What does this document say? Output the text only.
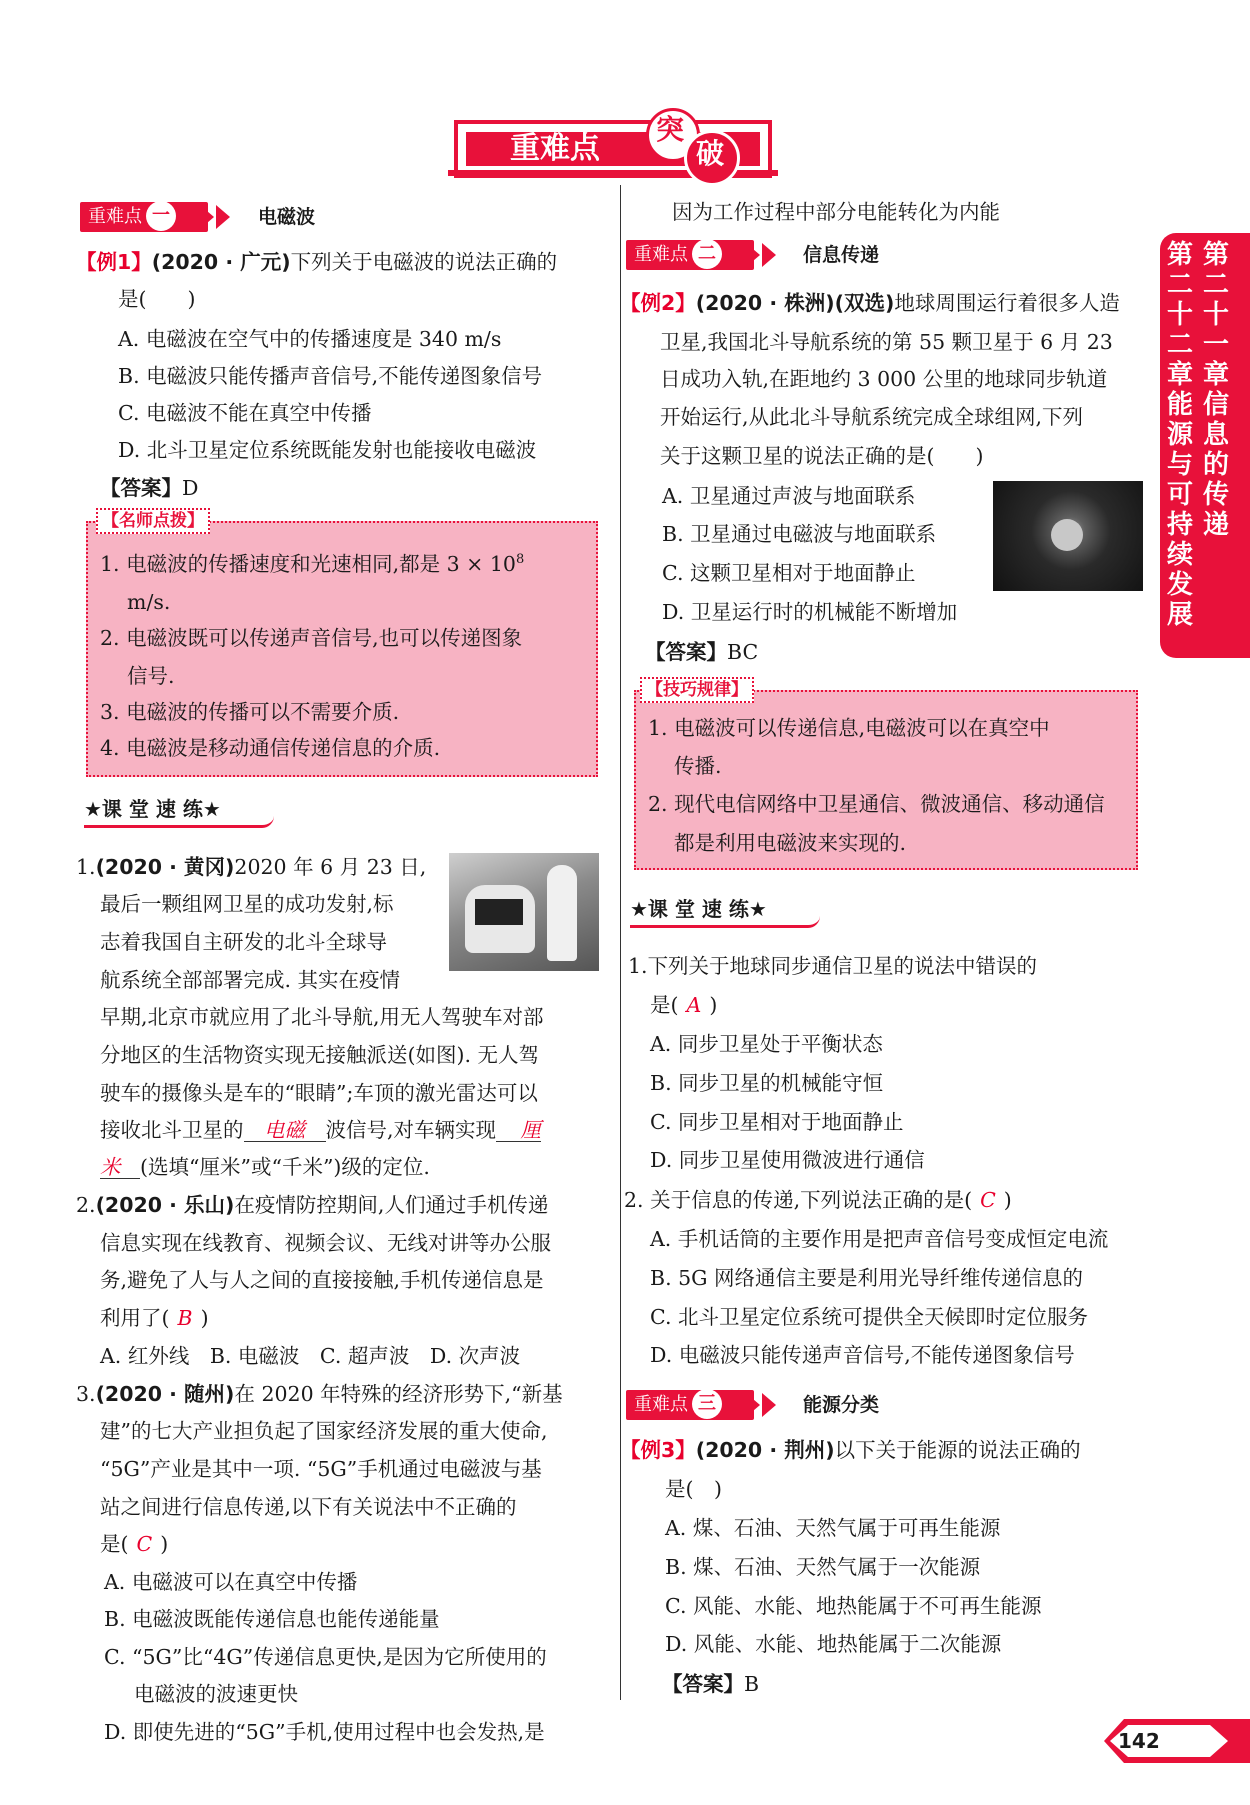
重难点
突
破
第二十二章 能源与可持续发展
第二十一章 信息的传递
重难点 一	电磁波
【例1】(2020 · 广元)下列关于电磁波的说法正确的
是(　　)
A. 电磁波在空气中的传播速度是 340 m/s
B. 电磁波只能传播声音信号,不能传递图象信号
C. 电磁波不能在真空中传播
D. 北斗卫星定位系统既能发射也能接收电磁波
【答案】D
【名师点拨】
1. 电磁波的传播速度和光速相同,都是 $3 \times 10^8$
m/s.
2. 电磁波既可以传递声音信号,也可以传递图象
信号.
3. 电磁波的传播可以不需要介质.
4. 电磁波是移动通信传递信息的介质.
★课 堂 速 练★
1.(2020 · 黄冈)2020 年 6 月 23 日,
最后一颗组网卫星的成功发射,标
志着我国自主研发的北斗全球导
航系统全部部署完成. 其实在疫情
早期,北京市就应用了北斗导航,用无人驾驶车对部
分地区的生活物资实现无接触派送(如图). 无人驾
驶车的摄像头是车的“眼睛”;车顶的激光雷达可以
接收北斗卫星的 电磁 波信号,对车辆实现 厘
米 (选填“厘米”或“千米”)级的定位.
2.(2020 · 乐山)在疫情防控期间,人们通过手机传递
信息实现在线教育、视频会议、无线对讲等办公服
务,避免了人与人之间的直接接触,手机传递信息是
利用了( B )
A. 红外线　B. 电磁波　C. 超声波　D. 次声波
3.(2020 · 随州)在 2020 年特殊的经济形势下,“新基
建”的七大产业担负起了国家经济发展的重大使命,
“5G”产业是其中一项. “5G”手机通过电磁波与基
站之间进行信息传递,以下有关说法中不正确的
是( C )
A. 电磁波可以在真空中传播
B. 电磁波既能传递信息也能传递能量
C. “5G”比“4G”传递信息更快,是因为它所使用的
电磁波的波速更快
D. 即使先进的“5G”手机,使用过程中也会发热,是
因为工作过程中部分电能转化为内能
重难点 二	信息传递
【例2】(2020 · 株洲)(双选)地球周围运行着很多人造
卫星,我国北斗导航系统的第 55 颗卫星于 6 月 23
日成功入轨,在距地约 3 000 公里的地球同步轨道
开始运行,从此北斗导航系统完成全球组网,下列
关于这颗卫星的说法正确的是(　　)
A. 卫星通过声波与地面联系
B. 卫星通过电磁波与地面联系
C. 这颗卫星相对于地面静止
D. 卫星运行时的机械能不断增加
【答案】BC
【技巧规律】
1. 电磁波可以传递信息,电磁波可以在真空中
传播.
2. 现代电信网络中卫星通信、微波通信、移动通信
都是利用电磁波来实现的.
★课 堂 速 练★
1.下列关于地球同步通信卫星的说法中错误的
是( A )
A. 同步卫星处于平衡状态
B. 同步卫星的机械能守恒
C. 同步卫星相对于地面静止
D. 同步卫星使用微波进行通信
2. 关于信息的传递,下列说法正确的是( C )
A. 手机话筒的主要作用是把声音信号变成恒定电流
B. 5G 网络通信主要是利用光导纤维传递信息的
C. 北斗卫星定位系统可提供全天候即时定位服务
D. 电磁波只能传递声音信号,不能传递图象信号
重难点 三	能源分类
【例3】(2020 · 荆州)以下关于能源的说法正确的
是(　)
A. 煤、石油、天然气属于可再生能源
B. 煤、石油、天然气属于一次能源
C. 风能、水能、地热能属于不可再生能源
D. 风能、水能、地热能属于二次能源
【答案】B
142
